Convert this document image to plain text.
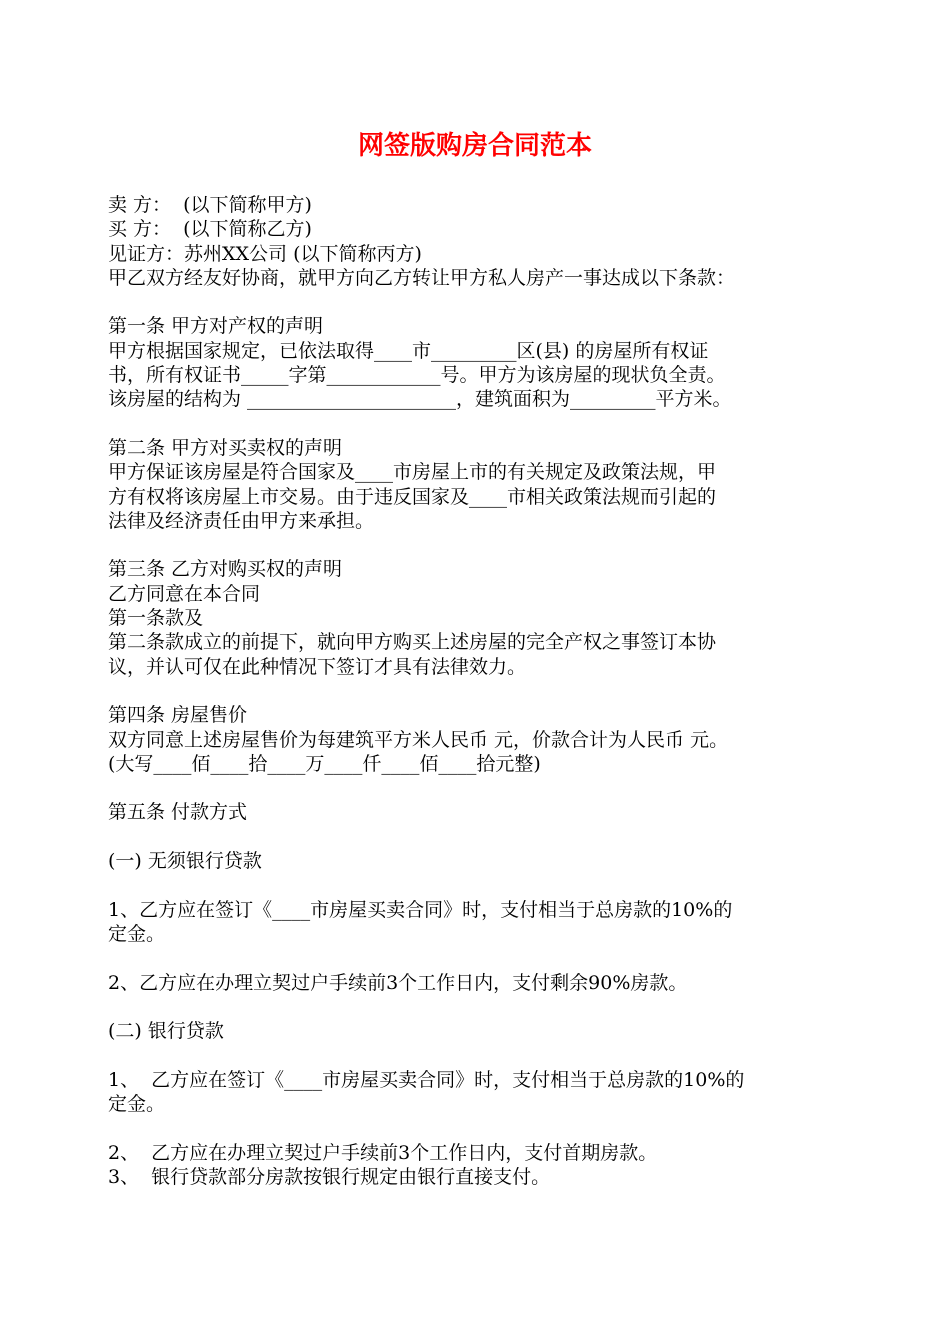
网签版购房合同范本
卖 方：  (以下简称甲方)
买 方：  (以下简称乙方)
见证方：苏州XX公司 (以下简称丙方)
甲乙双方经友好协商，就甲方向乙方转让甲方私人房产一事达成以下条款：
第一条 甲方对产权的声明
甲方根据国家规定，已依法取得____市_________区(县) 的房屋所有权证
书，所有权证书_____字第____________号。甲方为该房屋的现状负全责。
该房屋的结构为 ______________________，建筑面积为_________平方米。
第二条 甲方对买卖权的声明
甲方保证该房屋是符合国家及____市房屋上市的有关规定及政策法规，甲
方有权将该房屋上市交易。由于违反国家及____市相关政策法规而引起的
法律及经济责任由甲方来承担。
第三条 乙方对购买权的声明
乙方同意在本合同
第一条款及
第二条款成立的前提下，就向甲方购买上述房屋的完全产权之事签订本协
议，并认可仅在此种情况下签订才具有法律效力。
第四条 房屋售价
双方同意上述房屋售价为每建筑平方米人民币 元，价款合计为人民币 元。
(大写____佰____拾____万____仟____佰____拾元整)
第五条 付款方式
(一) 无须银行贷款
1、乙方应在签订《____市房屋买卖合同》时，支付相当于总房款的10%的
定金。
2、乙方应在办理立契过户手续前3个工作日内，支付剩余90%房款。
(二) 银行贷款
1、  乙方应在签订《____市房屋买卖合同》时，支付相当于总房款的10%的
定金。
2、  乙方应在办理立契过户手续前3个工作日内，支付首期房款。
3、  银行贷款部分房款按银行规定由银行直接支付。
